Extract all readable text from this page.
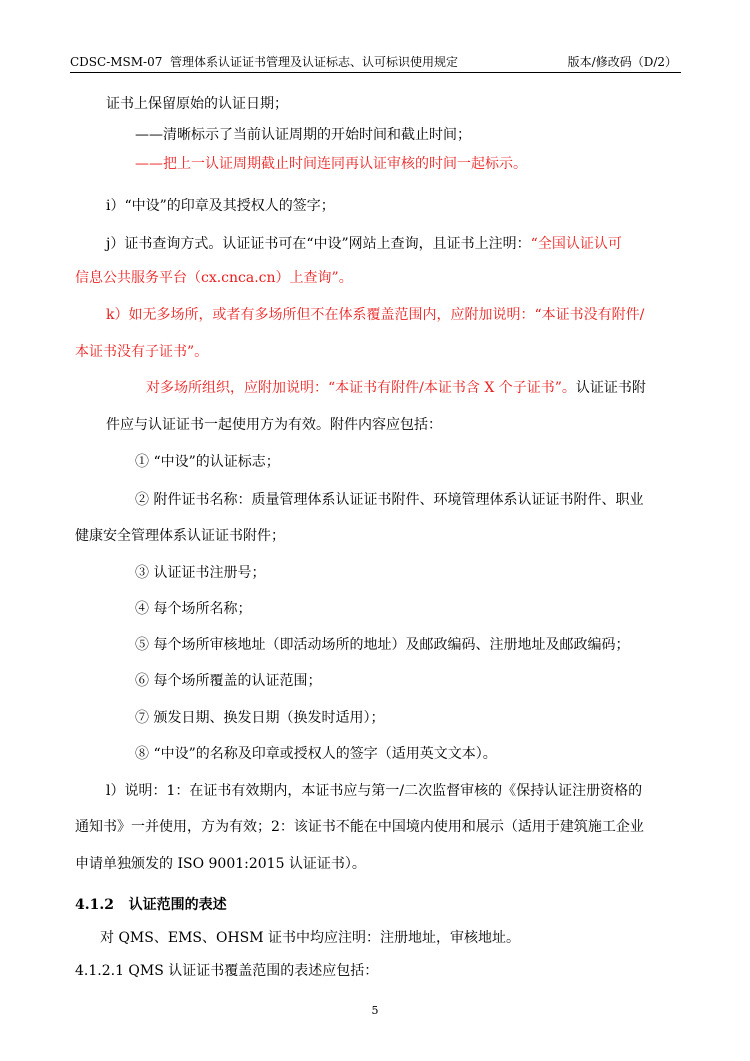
CDSC-MSM-07 管理体系认证证书管理及认证标志、认可标识使用规定	版本/修改码（D/2）
证书上保留原始的认证日期；
——清晰标示了当前认证周期的开始时间和截止时间；
——把上一认证周期截止时间连同再认证审核的时间一起标示。
i）“中设”的印章及其授权人的签字；
j）证书查询方式。认证证书可在“中设”网站上查询，且证书上注明：“全国认证认可
信息公共服务平台（cx.cnca.cn）上查询”。
k）如无多场所，或者有多场所但不在体系覆盖范围内，应附加说明：“本证书没有附件/
本证书没有子证书”。
对多场所组织，应附加说明：“本证书有附件/本证书含 X 个子证书”。认证证书附
件应与认证证书一起使用方为有效。附件内容应包括：
① “中设”的认证标志；
② 附件证书名称：质量管理体系认证证书附件、环境管理体系认证证书附件、职业
健康安全管理体系认证证书附件；
③ 认证证书注册号；
④ 每个场所名称；
⑤ 每个场所审核地址（即活动场所的地址）及邮政编码、注册地址及邮政编码；
⑥ 每个场所覆盖的认证范围；
⑦ 颁发日期、换发日期（换发时适用）；
⑧ “中设”的名称及印章或授权人的签字（适用英文文本）。
l）说明：1：在证书有效期内，本证书应与第一/二次监督审核的《保持认证注册资格的
通知书》一并使用，方为有效；2：该证书不能在中国境内使用和展示（适用于建筑施工企业
申请单独颁发的 ISO 9001:2015 认证证书）。
4.1.2 认证范围的表述
对 QMS、EMS、OHSM 证书中均应注明：注册地址，审核地址。
4.1.2.1 QMS 认证证书覆盖范围的表述应包括：
5
